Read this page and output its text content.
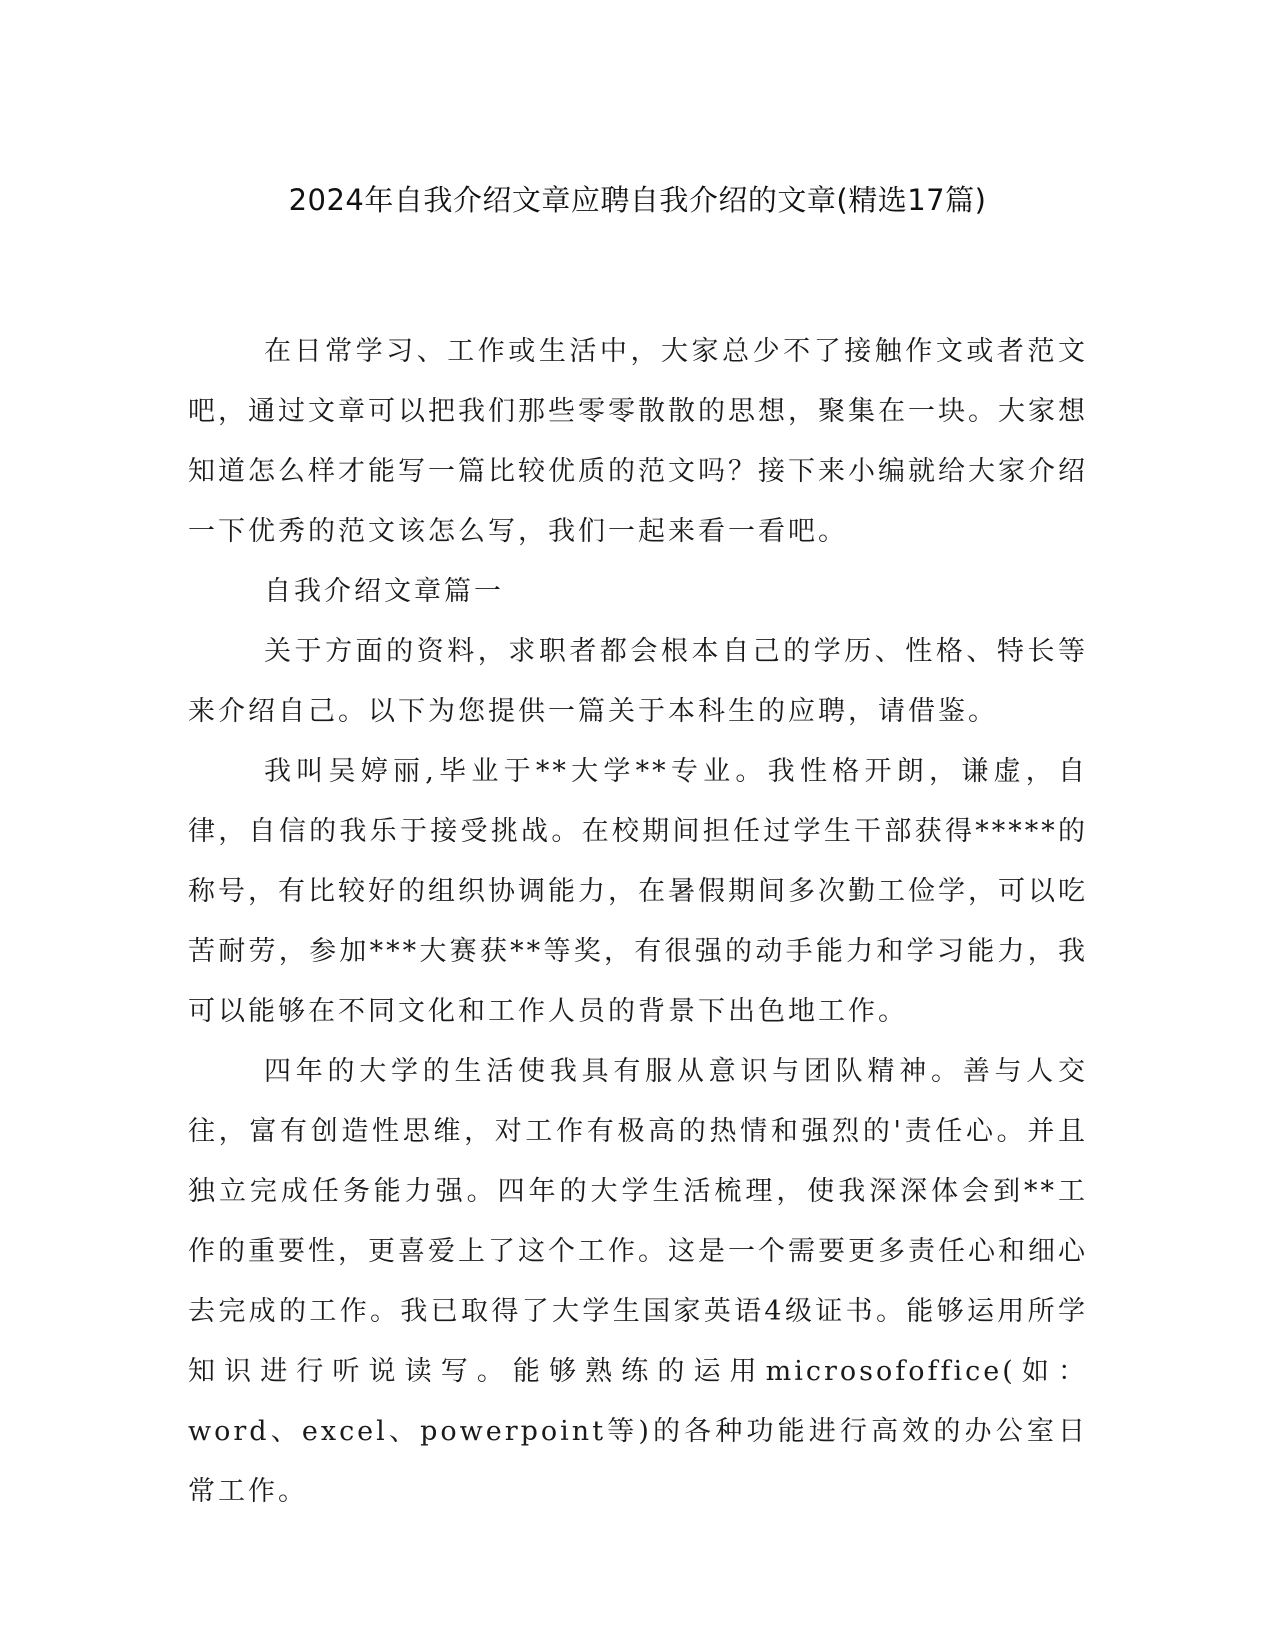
2024年自我介绍文章应聘自我介绍的文章(精选17篇)

在日常学习、工作或生活中，大家总少不了接触作文或者范文吧，通过文章可以把我们那些零零散散的思想，聚集在一块。大家想知道怎么样才能写一篇比较优质的范文吗？接下来小编就给大家介绍一下优秀的范文该怎么写，我们一起来看一看吧。

自我介绍文章篇一

关于方面的资料，求职者都会根本自己的学历、性格、特长等来介绍自己。以下为您提供一篇关于本科生的应聘，请借鉴。

我叫吴婷丽,毕业于**大学**专业。我性格开朗，谦虚，自律，自信的我乐于接受挑战。在校期间担任过学生干部获得*****的称号，有比较好的组织协调能力，在暑假期间多次勤工俭学，可以吃苦耐劳，参加***大赛获**等奖，有很强的动手能力和学习能力，我可以能够在不同文化和工作人员的背景下出色地工作。

四年的大学的生活使我具有服从意识与团队精神。善与人交往，富有创造性思维，对工作有极高的热情和强烈的'责任心。并且独立完成任务能力强。四年的大学生活梳理，使我深深体会到**工作的重要性，更喜爱上了这个工作。这是一个需要更多责任心和细心去完成的工作。我已取得了大学生国家英语4级证书。能够运用所学知识进行听说读写。能够熟练的运用microsofoffice(如：word、excel、powerpoint等)的各种功能进行高效的办公室日常工作。
